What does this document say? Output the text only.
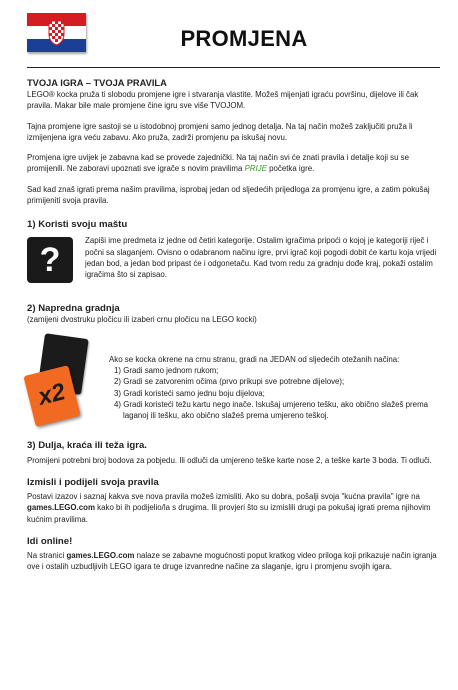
PROMJENA
TVOJA IGRA – TVOJA PRAVILA

LEGO® kocka pruža ti slobodu promjene igre i stvaranja vlastite. Možeš mijenjati igraću površinu, dijelove ili čak pravila. Makar bile male promjene čine igru sve više TVOJOM.

Tajna promjene igre sastoji se u istodobnoj promjeni samo jednog detalja. Na taj način možeš zaključiti pruža li izmijenjena igra veću zabavu. Ako pruža, zadrži promjenu pa iskušaj novu.

Promjena igre uvijek je zabavna kad se provede zajednički. Na taj način svi će znati pravila i detalje koji su se promijenili. Ne zaboravi upoznati sve igrače s novim pravilima PRIJE početka igre.

Sad kad znaš igrati prema našim pravilima, isprobaj jedan od sljedećih prijedloga za promjenu igre, a zatim pokušaj primijeniti svoja pravila.

1) Koristi svoju maštu
?

Zapiši ime predmeta iz jedne od četiri kategorije. Ostalim igračima pripoći o kojoj je kategoriji riječ i počni sa slaganjem. Ovisno o odabranom načinu igre, prvi igrač koji pogodi dobit će kartu koja vrijedi jedan bod, a jedan bod pripast će i odgonetaču. Kad tvom redu za gradnju dođe kraj, pokaži ostalim igračima što si zapisao.

2) Napredna gradnja
(zamijeni dvostruku pločicu ili izaberi crnu pločicu na LEGO kocki)
x2

Ako se kocka okrene na crnu stranu, gradi na JEDAN od sljedećih otežanih načina:

1) Gradi samo jednom rukom;
2) Gradi se zatvorenim očima (prvo prikupi sve potrebne dijelove);
3) Gradi koristeći samo jednu boju dijelova;
4) Gradi koristeći težu kartu nego inače. Iskušaj umjereno tešku, ako obično slažeš prema laganoj ili tešku, ako obično slažeš prema umjereno teškoj.
3) Dulja, kraća ili teža igra.

Promijeni potrebni broj bodova za pobjedu. Ili odluči da umjereno teške karte nose 2, a teške karte 3 boda. Ti odluči.

Izmisli i podijeli svoja pravila

Postavi izazov i saznaj kakva sve nova pravila možeš izmisliti. Ako su dobra, pošalji svoja "kućna pravila" igre na games.LEGO.com kako bi ih podijelio/la s drugima. Ili provjeri što su izmislili drugi pa pokušaj igrati prema njihovim kućnim pravilima.

Idi online!

Na stranici games.LEGO.com nalaze se zabavne mogućnosti poput kratkog video priloga koji prikazuje način igranja ove i ostalih uzbudljivih LEGO igara te druge izvanredne načine za slaganje, igru i promjenu svojih igara.
